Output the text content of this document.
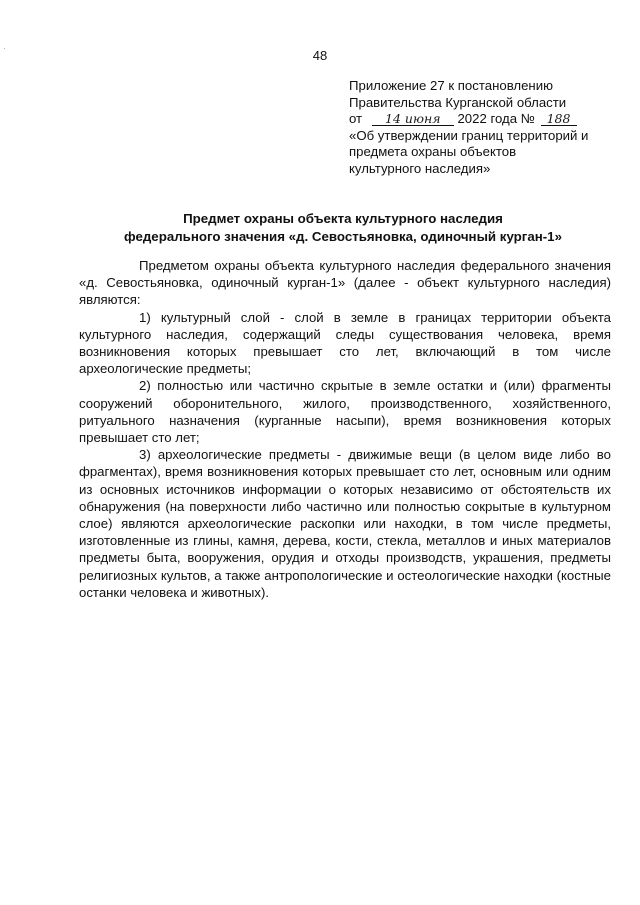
·	48
Приложение 27 к постановлению
Правительства Курганской области
от 14 июня 2022 года № 188
«Об утверждении границ территорий и
предмета охраны объектов
культурного наследия»
Предмет охраны объекта культурного наследия
федерального значения «д. Севостьяновка, одиночный курган-1»

Предметом охраны объекта культурного наследия федерального значения «д. Севостьяновка, одиночный курган-1» (далее - объект культурного наследия) являются:

1) культурный слой - слой в земле в границах территории объекта культурного наследия, содержащий следы существования человека, время возникновения которых превышает сто лет, включающий в том числе археологические предметы;

2) полностью или частично скрытые в земле остатки и (или) фрагменты сооружений оборонительного, жилого, производственного, хозяйственного, ритуального назначения (курганные насыпи), время возникновения которых превышает сто лет;

3) археологические предметы - движимые вещи (в целом виде либо во фрагментах), время возникновения которых превышает сто лет, основным или одним из основных источников информации о которых независимо от обстоятельств их обнаружения (на поверхности либо частично или полностью сокрытые в культурном слое) являются археологические раскопки или находки, в том числе предметы, изготовленные из глины, камня, дерева, кости, стекла, металлов и иных материалов предметы быта, вооружения, орудия и отходы производств, украшения, предметы религиозных культов, а также антропологические и остеологические находки (костные останки человека и животных).
